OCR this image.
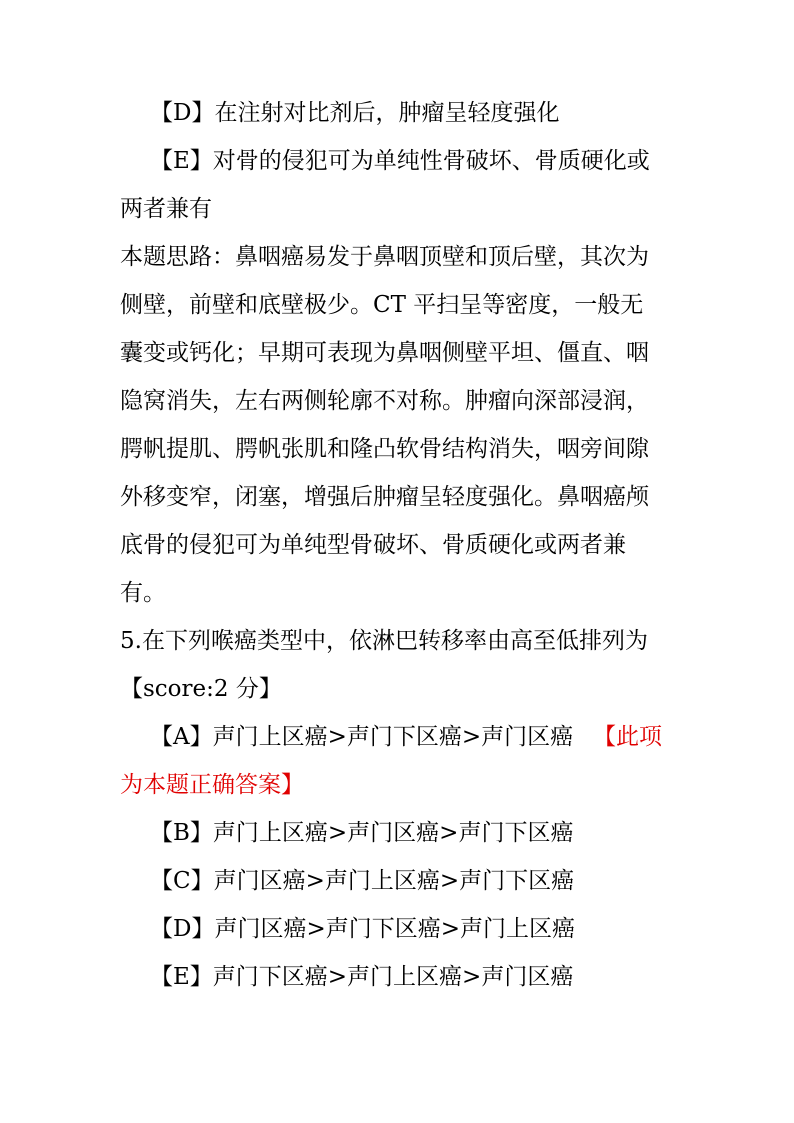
【D】在注射对比剂后，肿瘤呈轻度强化
【E】对骨的侵犯可为单纯性骨破坏、骨质硬化或
两者兼有
本题思路：鼻咽癌易发于鼻咽顶壁和顶后壁，其次为
侧壁，前壁和底壁极少。CT 平扫呈等密度，一般无
囊变或钙化；早期可表现为鼻咽侧壁平坦、僵直、咽
隐窝消失，左右两侧轮廓不对称。肿瘤向深部浸润，
腭帆提肌、腭帆张肌和隆凸软骨结构消失，咽旁间隙
外移变窄，闭塞，增强后肿瘤呈轻度强化。鼻咽癌颅
底骨的侵犯可为单纯型骨破坏、骨质硬化或两者兼
有。
5.在下列喉癌类型中，依淋巴转移率由高至低排列为
【score:2 分】
【A】声门上区癌>声门下区癌>声门区癌 【此项
为本题正确答案】
【B】声门上区癌>声门区癌>声门下区癌
【C】声门区癌>声门上区癌>声门下区癌
【D】声门区癌>声门下区癌>声门上区癌
【E】声门下区癌>声门上区癌>声门区癌
